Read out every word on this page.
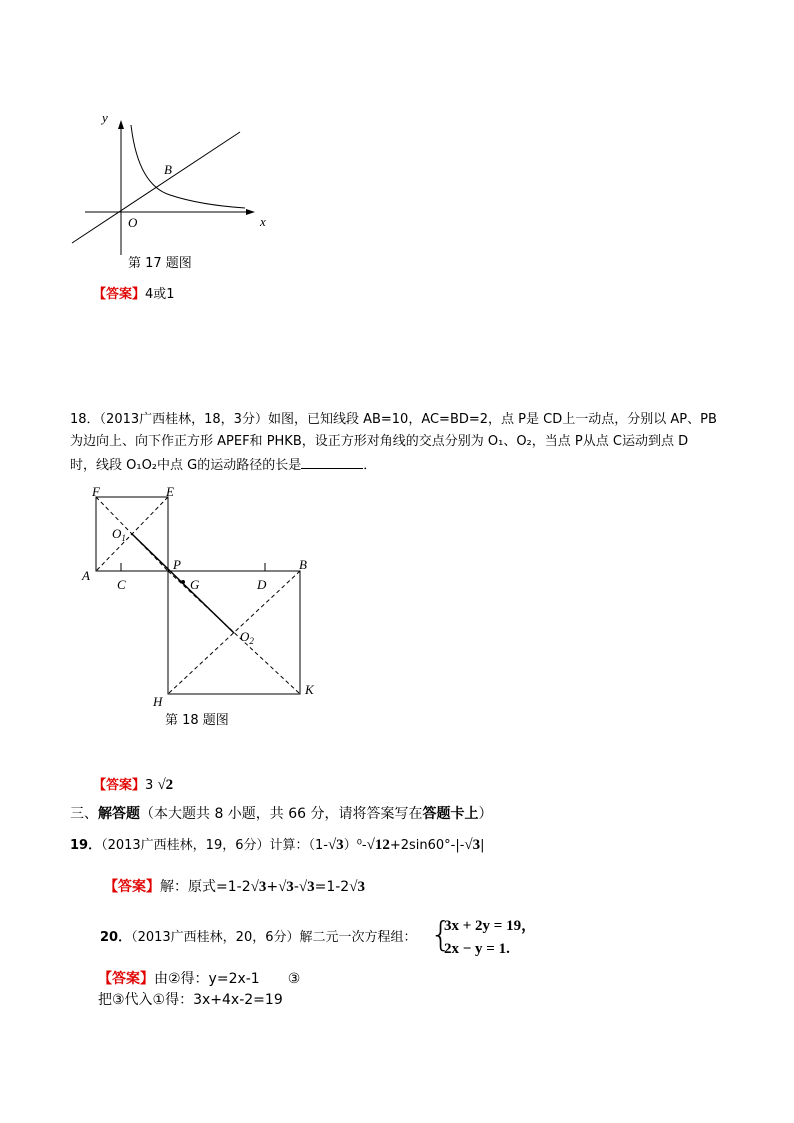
y
x
O
B
F	E
$O_1$
A
C
P
G	D
B
$O_2$
H
K
第 17 题图
【答案】4或1
18．（2013广西桂林，18，3分）如图，已知线段 AB=10，AC=BD=2，点 P是 CD上一动点，分别以 AP、PB
为边向上、向下作正方形 APEF和 PHKB，设正方形对角线的交点分别为 O₁、O₂，当点 P从点 C运动到点 D
时，线段 O₁O₂中点 G的运动路径的长是	．
第 18 题图
【答案】3 √2
三、解答题（本大题共 8 小题，共 66 分，请将答案写在答题卡上）
19．（2013广西桂林，19，6分）计算：（1-√3）⁰-√12+2sin60°-|-√3|
【答案】解：原式=1-2√3+√3-√3=1-2√3
20．（2013广西桂林，20，6分）解二元一次方程组： {
3x + 2y = 19，
2x − y = 1.
【答案】由②得：y=2x-1　　③
把③代入①得：3x+4x-2=19
